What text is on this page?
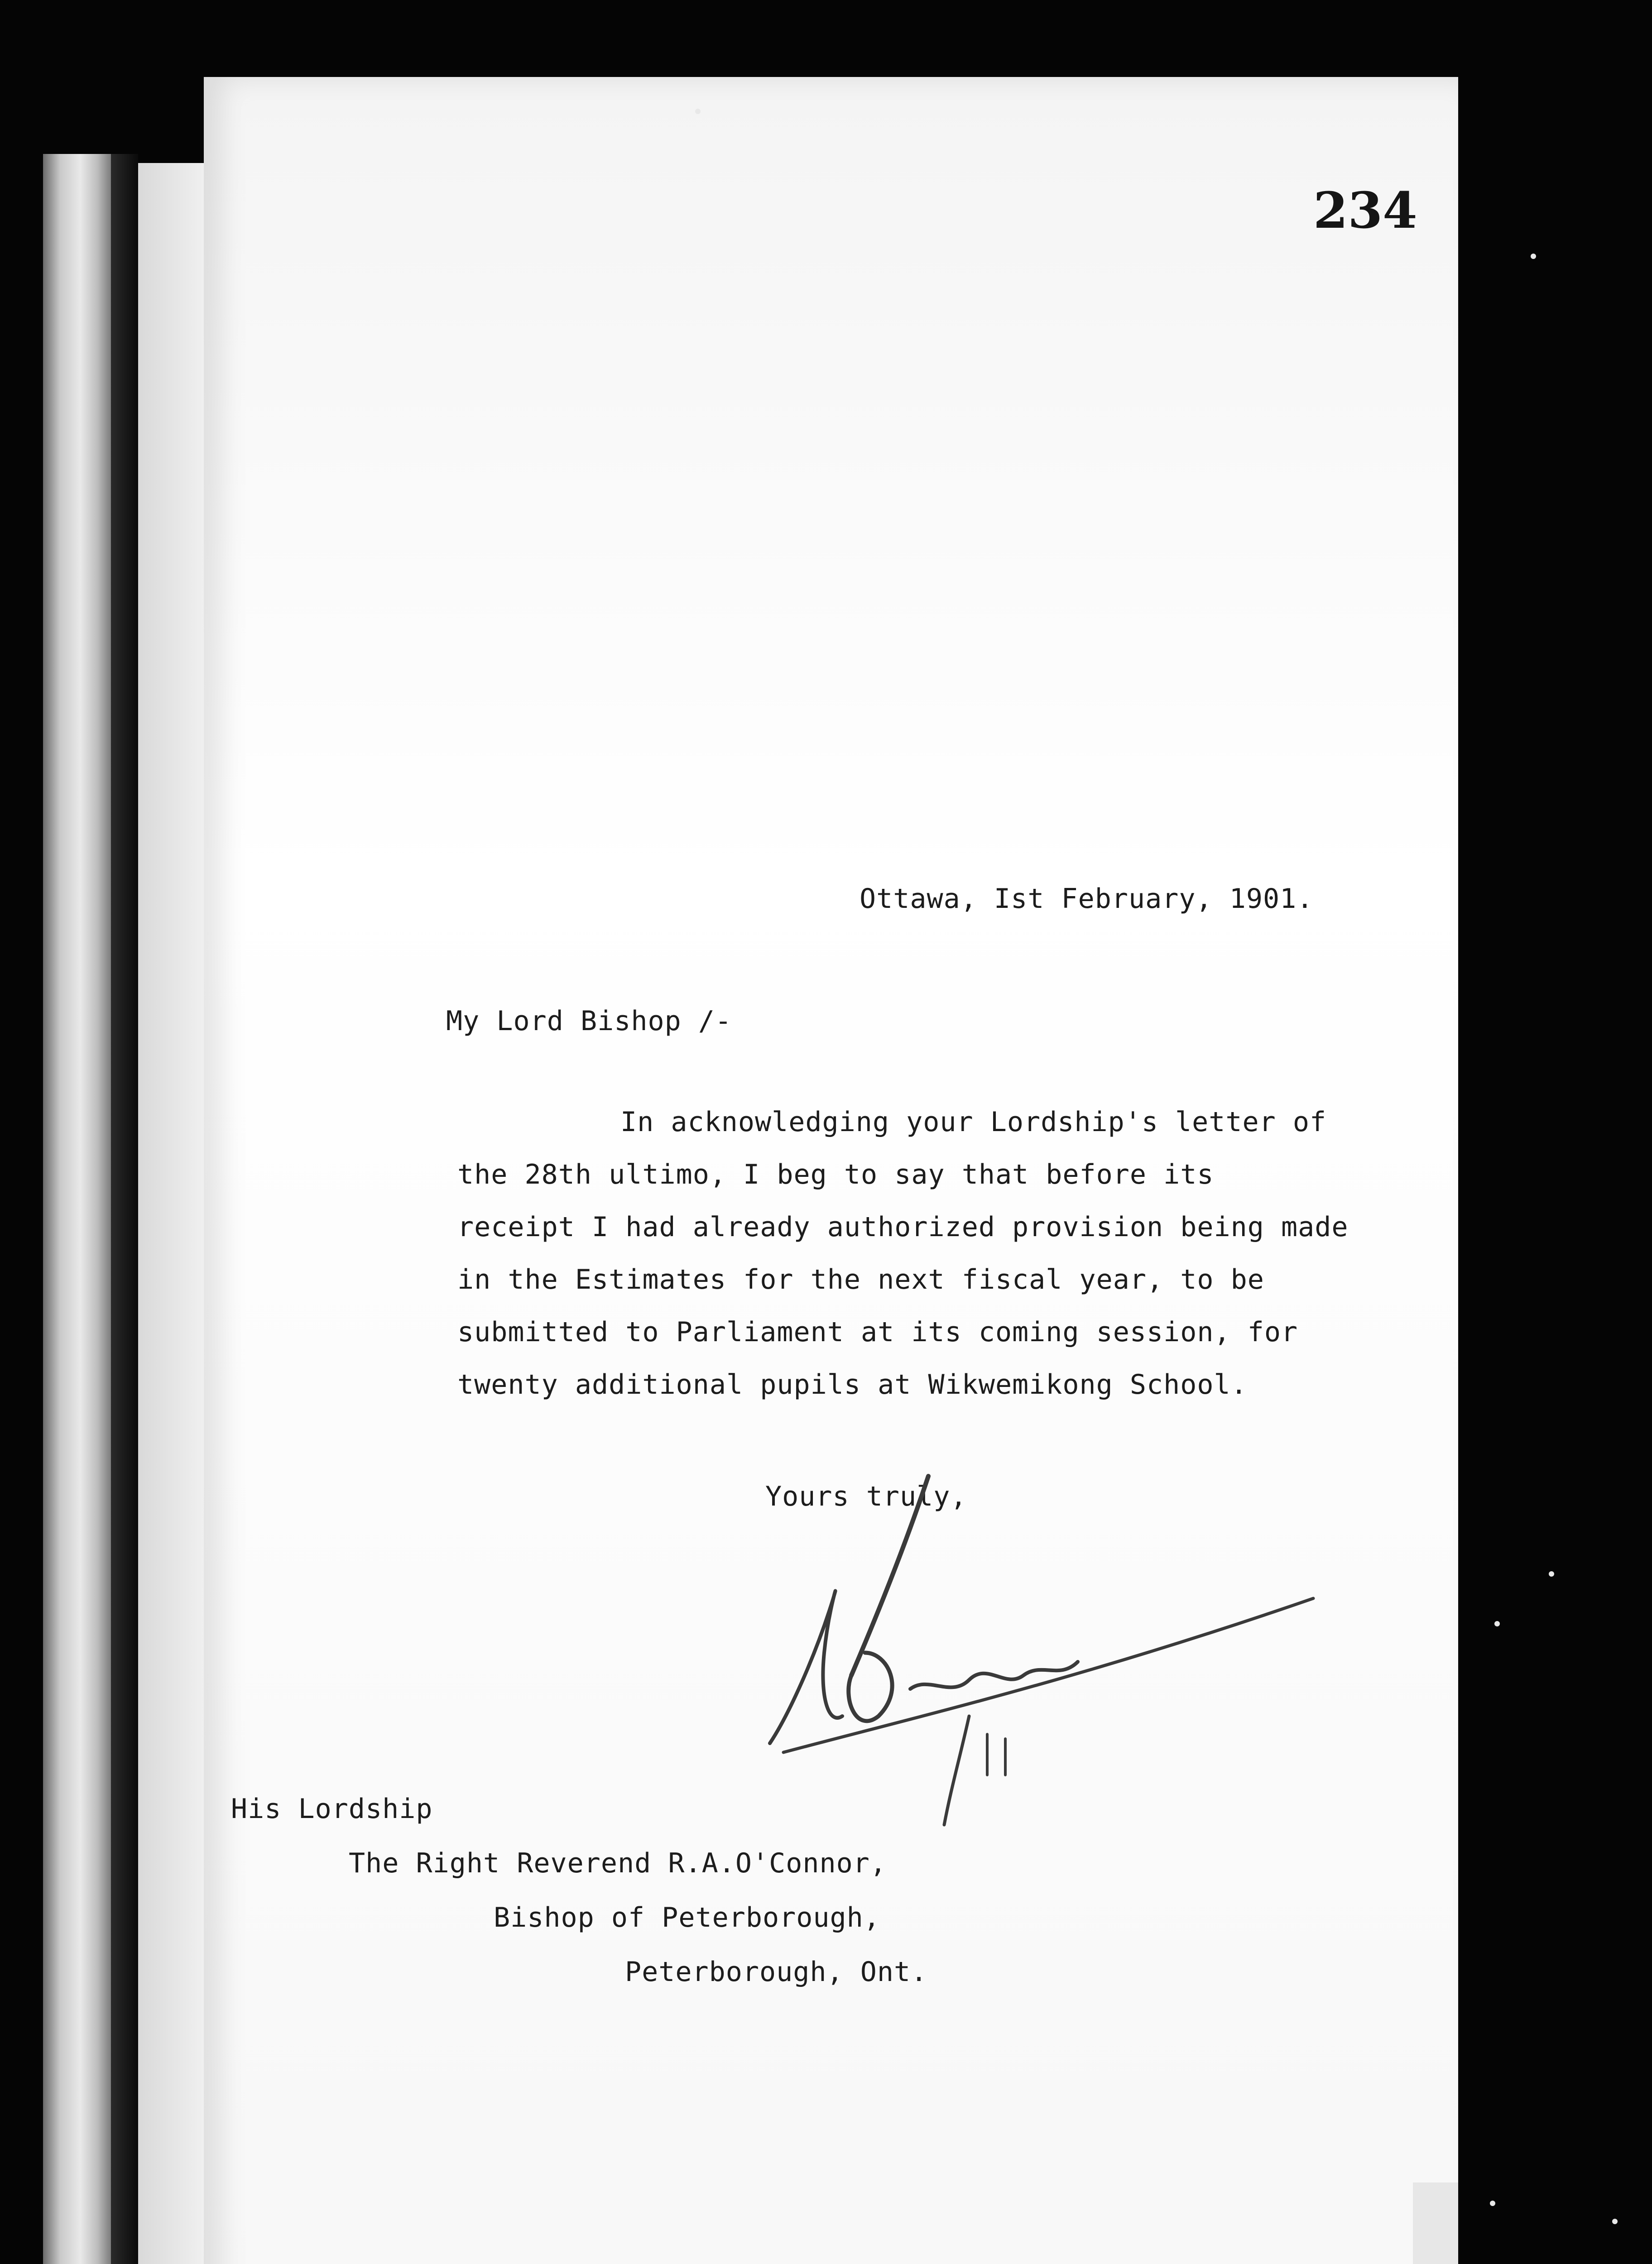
234
Ottawa, Ist February, 1901.
My Lord Bishop /-
In acknowledging your Lordship's letter of
the 28th ultimo, I beg to say that before its
receipt I had already authorized provision being made
in the Estimates for the next fiscal year, to be
submitted to Parliament at its coming session, for
twenty additional pupils at Wikwemikong School.
Yours truly,
His Lordship
The Right Reverend R.A.O'Connor,
Bishop of Peterborough,
Peterborough, Ont.
